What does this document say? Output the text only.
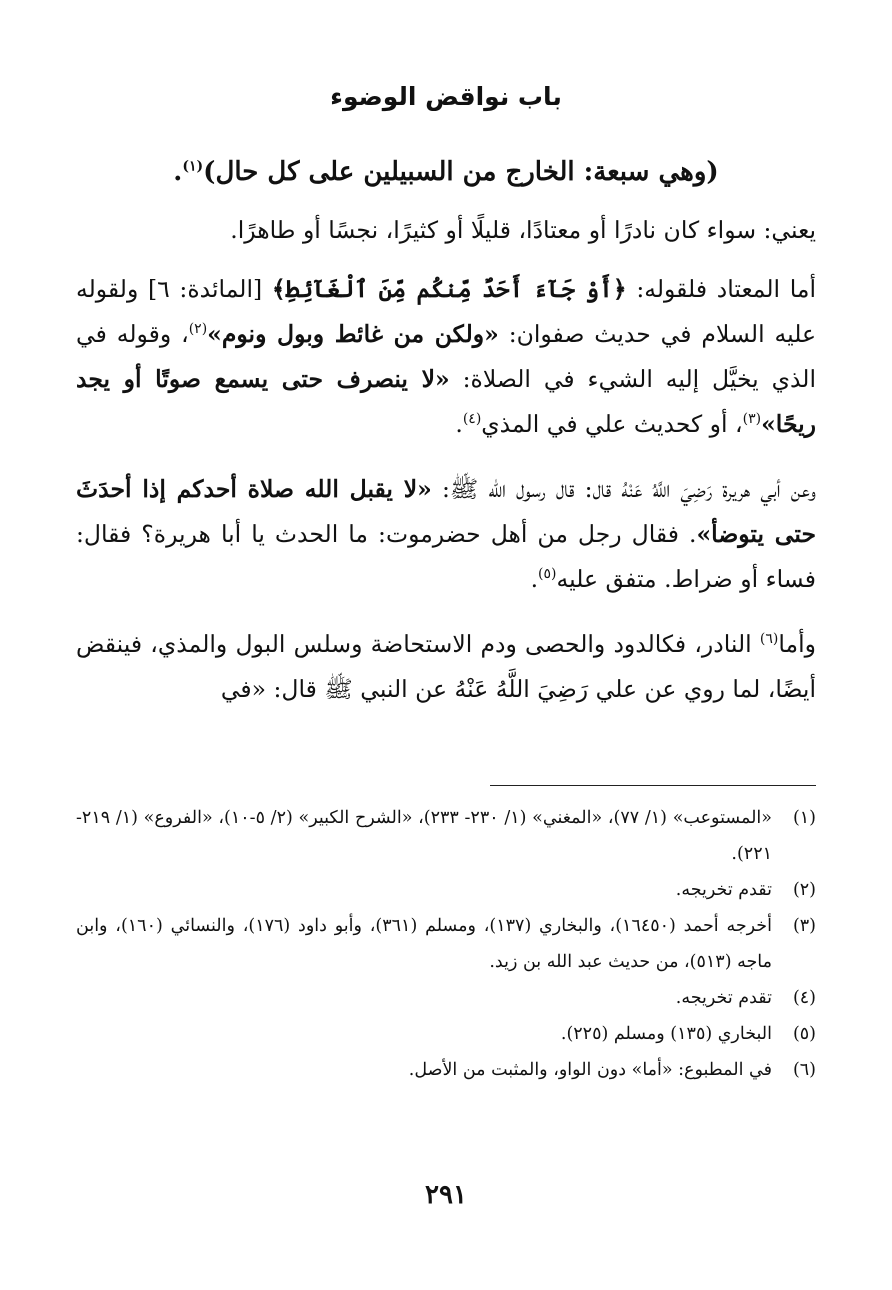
باب نواقض الوضوء

(وهي سبعة: الخارج من السبيلين على كل حال)$^{(١)}$.

يعني: سواء كان نادرًا أو معتادًا، قليلًا أو كثيرًا، نجسًا أو طاهرًا.

أما المعتاد فلقوله: ﴿أَوْ جَآءَ أَحَدٌ مِّنكُم مِّنَ ٱلْغَآئِطِ﴾ [المائدة: ٦] ولقوله عليه السلام في حديث صفوان: «ولكن من غائط وبول ونوم»$^{(٢)}$، وقوله في الذي يخيَّل إليه الشيء في الصلاة: «لا ينصرف حتى يسمع صوتًا أو يجد ريحًا»$^{(٣)}$، أو كحديث علي في المذي$^{(٤)}$.

وعن أبي هريرة رَضِيَ اللَّهُ عَنْهُ قال: قال رسول الله ﷺ: «لا يقبل الله صلاة أحدكم إذا أحدَثَ حتى يتوضأ». فقال رجل من أهل حضرموت: ما الحدث يا أبا هريرة؟ فقال: فساء أو ضراط. متفق عليه$^{(٥)}$.

وأما$^{(٦)}$ النادر، فكالدود والحصى ودم الاستحاضة وسلس البول والمذي، فينقض أيضًا، لما روي عن علي رَضِيَ اللَّهُ عَنْهُ عن النبي ﷺ قال: «في

(١)
«المستوعب» (١/ ٧٧)، «المغني» (١/ ٢٣٠- ٢٣٣)، «الشرح الكبير» (٢/ ٥-١٠)، «الفروع» (١/ ٢١٩- ٢٢١).
(٢)
تقدم تخريجه.
(٣)
أخرجه أحمد (١٦٤٥٠)، والبخاري (١٣٧)، ومسلم (٣٦١)، وأبو داود (١٧٦)، والنسائي (١٦٠)، وابن ماجه (٥١٣)، من حديث عبد الله بن زيد.
(٤)
تقدم تخريجه.
(٥)
البخاري (١٣٥) ومسلم (٢٢٥).
(٦)
في المطبوع: «أما» دون الواو، والمثبت من الأصل.
٢٩١
